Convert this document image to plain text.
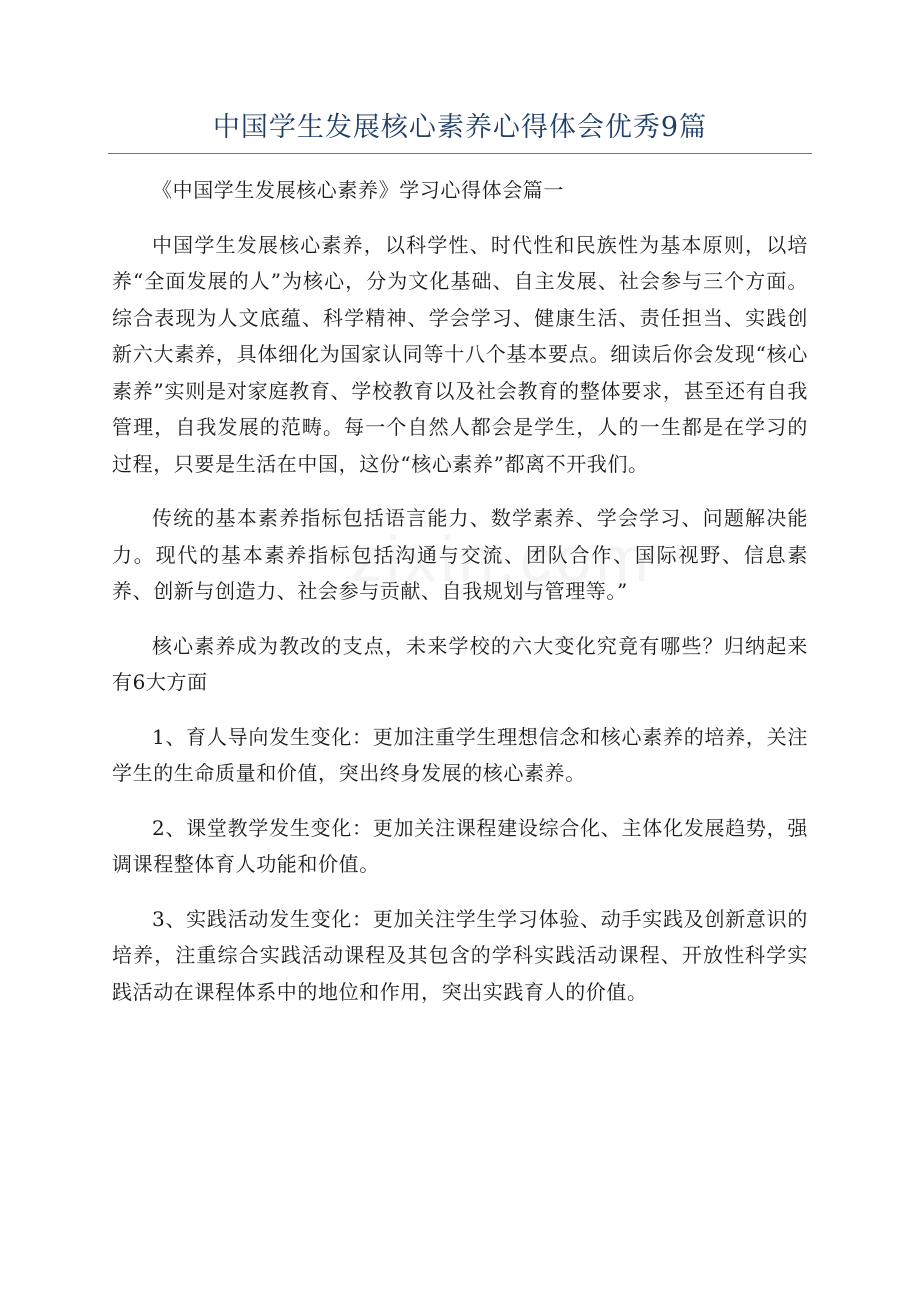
中国学生发展核心素养心得体会优秀9篇

《中国学生发展核心素养》学习心得体会篇一

中国学生发展核心素养，以科学性、时代性和民族性为基本原则，以培养“全面发展的人”为核心，分为文化基础、自主发展、社会参与三个方面。综合表现为人文底蕴、科学精神、学会学习、健康生活、责任担当、实践创新六大素养，具体细化为国家认同等十八个基本要点。细读后你会发现“核心素养”实则是对家庭教育、学校教育以及社会教育的整体要求，甚至还有自我管理，自我发展的范畴。每一个自然人都会是学生，人的一生都是在学习的过程，只要是生活在中国，这份“核心素养”都离不开我们。

传统的基本素养指标包括语言能力、数学素养、学会学习、问题解决能力。现代的基本素养指标包括沟通与交流、团队合作、国际视野、信息素养、创新与创造力、社会参与贡献、自我规划与管理等。”

核心素养成为教改的支点，未来学校的六大变化究竟有哪些？归纳起来有6大方面

1、育人导向发生变化：更加注重学生理想信念和核心素养的培养，关注学生的生命质量和价值，突出终身发展的核心素养。

2、课堂教学发生变化：更加关注课程建设综合化、主体化发展趋势，强调课程整体育人功能和价值。

3、实践活动发生变化：更加关注学生学习体验、动手实践及创新意识的培养，注重综合实践活动课程及其包含的学科实践活动课程、开放性科学实践活动在课程体系中的地位和作用，突出实践育人的价值。
